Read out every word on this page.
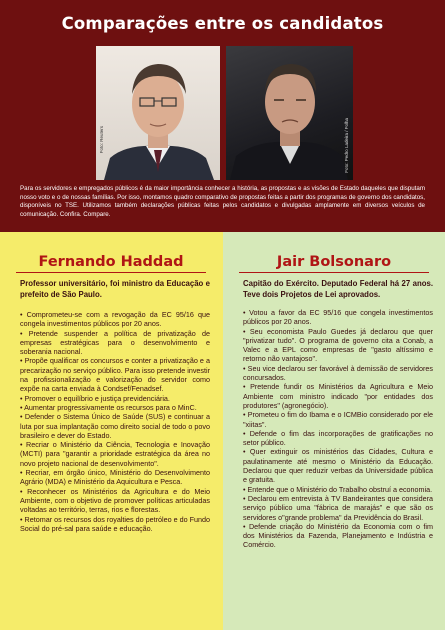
Comparações entre os candidatos
Foto: Reuters	Foto: Pedro Ladeira / Folha
Para os servidores e empregados públicos é da maior importância conhecer a história, as propostas e as visões de Estado daqueles que disputam nosso voto e o de nossas famílias. Por isso, montamos quadro comparativo de propostas feitas a partir dos programas de governo dos candidatos, disponíveis no TSE. Utilizamos também declarações públicas feitas pelos candidatos e divulgadas amplamente em diversos veículos de comunicação. Confira. Compare.
Fernando Haddad
Professor universitário, foi ministro da Educação e prefeito de São Paulo.
• Comprometeu-se com a revogação da EC 95/16 que congela investimentos públicos por 20 anos.
• Pretende suspender a política de privatização de empresas estratégicas para o desenvolvimento e soberania nacional.
• Propõe qualificar os concursos e conter a privatização e a precarização no serviço público. Para isso pretende investir na profissionalização e valorização do servidor como expõe na carta enviada à Condsef/Fenadsef.
• Promover o equilíbrio e justiça previdenciária.
• Aumentar progressivamente os recursos para o MinC.
• Defender o Sistema Único de Saúde (SUS) e continuar a luta por sua implantação como direito social de todo o povo brasileiro e dever do Estado.
• Recriar o Ministério da Ciência, Tecnologia e Inovação (MCTI) para "garantir a prioridade estratégica da área no novo projeto nacional de desenvolvimento".
• Recriar, em órgão único, Ministério do Desenvolvimento Agrário (MDA) e Ministério da Aquicultura e Pesca.
• Reconhecer os Ministérios da Agricultura e do Meio Ambiente, com o objetivo de promover políticas articuladas voltadas ao território, terras, rios e florestas.
• Retomar os recursos dos royalties do petróleo e do Fundo Social do pré-sal para saúde e educação.
Jair Bolsonaro
Capitão do Exército. Deputado Federal há 27 anos. Teve dois Projetos de Lei aprovados.
• Votou a favor da EC 95/16 que congela investimentos públicos por 20 anos.
• Seu economista Paulo Guedes já declarou que quer "privatizar tudo". O programa de governo cita a Conab, a Valec e a EPL como empresas de "gasto altíssimo e retorno não vantajoso".
• Seu vice declarou ser favorável à demissão de servidores concursados.
• Pretende fundir os Ministérios da Agricultura e Meio Ambiente com ministro indicado "por entidades dos produtores" (agronegócio).
• Prometeu o fim do Ibama e o ICMBio considerado por ele "xiitas".
• Defende o fim das incorporações de gratificações no setor público.
• Quer extinguir os ministérios das Cidades, Cultura e paulatinamente até mesmo o Ministério da Educação. Declarou que quer reduzir verbas da Universidade pública e gratuita.
• Entende que o Ministério do Trabalho obstruí a economia.
• Declarou em entrevista à TV Bandeirantes que considera serviço público uma "fábrica de marajás" e que são os servidores o"grande problema" da Previdência do Brasil.
• Defende criação do Ministério da Economia com o fim dos Ministérios da Fazenda, Planejamento e Indústria e Comércio.
